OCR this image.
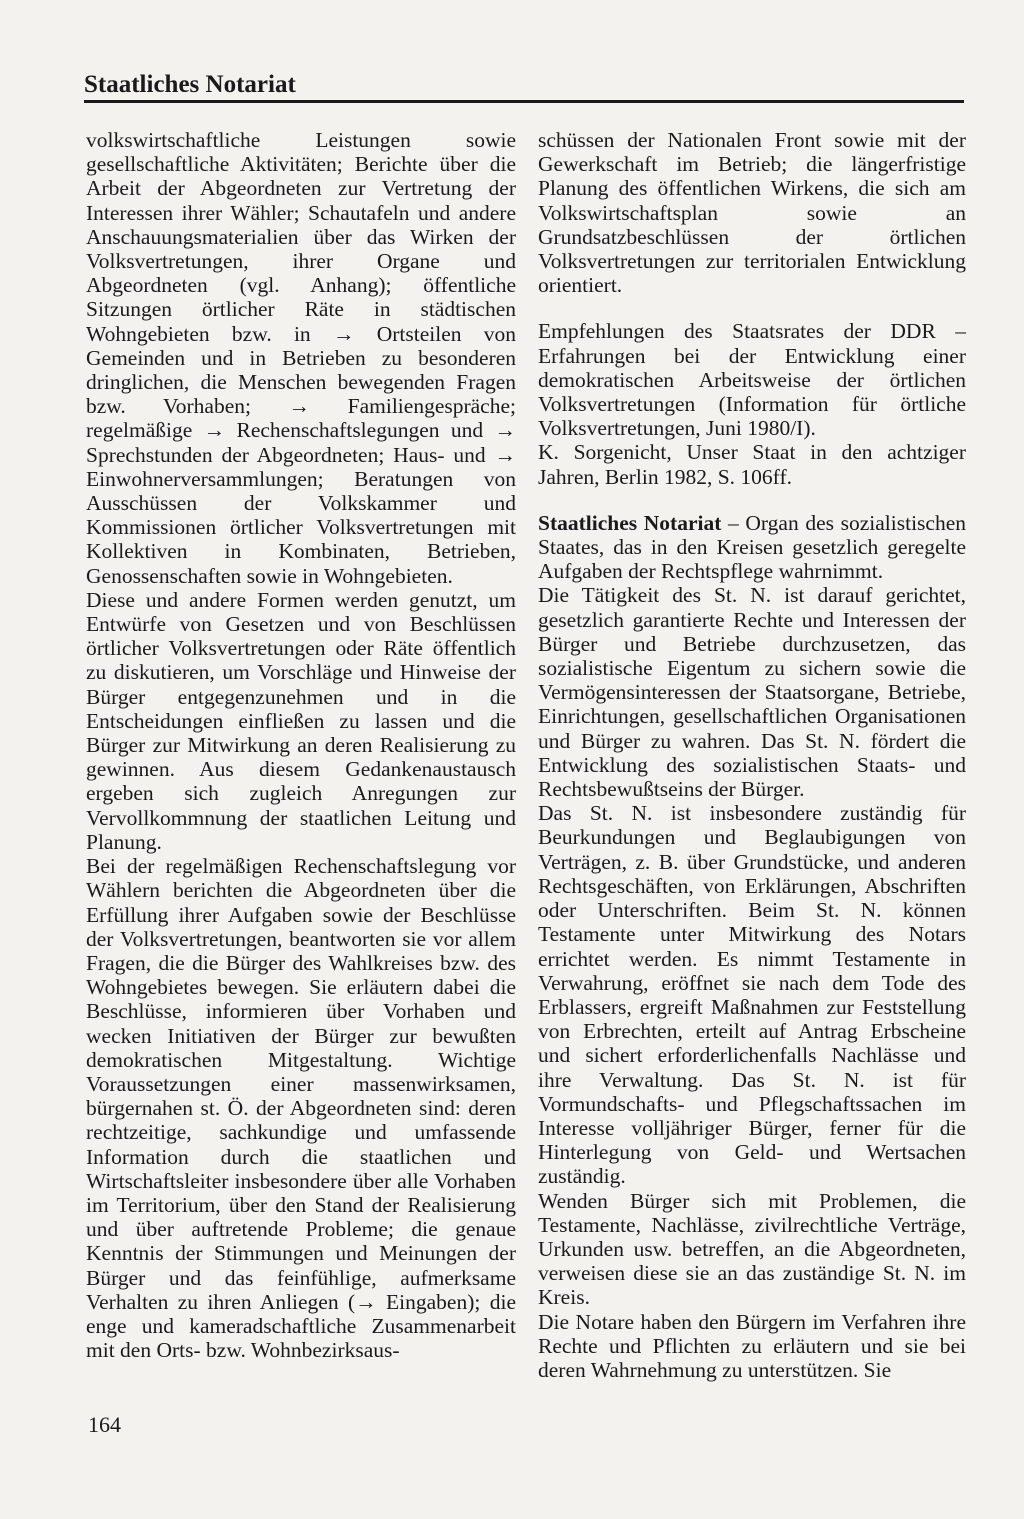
Staatliches Notariat

volkswirtschaftliche Leistungen sowie gesellschaftliche Aktivitäten; Berichte über die Arbeit der Abgeordneten zur Vertretung der Interessen ihrer Wähler; Schautafeln und andere Anschauungsmaterialien über das Wirken der Volksvertretungen, ihrer Organe und Abgeordneten (vgl. Anhang); öffentliche Sitzungen örtlicher Räte in städtischen Wohngebieten bzw. in → Ortsteilen von Gemeinden und in Betrieben zu besonderen dringlichen, die Menschen bewegenden Fragen bzw. Vorhaben; → Familiengespräche; regelmäßige → Rechenschaftslegungen und → Sprechstunden der Abgeordneten; Haus- und → Einwohnerversammlungen; Beratungen von Ausschüssen der Volkskammer und Kommissionen örtlicher Volksvertretungen mit Kollektiven in Kombinaten, Betrieben, Genossenschaften sowie in Wohngebieten.

Diese und andere Formen werden genutzt, um Entwürfe von Gesetzen und von Beschlüssen örtlicher Volksvertretungen oder Räte öffentlich zu diskutieren, um Vorschläge und Hinweise der Bürger entgegenzunehmen und in die Entscheidungen einfließen zu lassen und die Bürger zur Mitwirkung an deren Realisierung zu gewinnen. Aus diesem Gedankenaustausch ergeben sich zugleich Anregungen zur Vervollkommnung der staatlichen Leitung und Planung.

Bei der regelmäßigen Rechenschaftslegung vor Wählern berichten die Abgeordneten über die Erfüllung ihrer Aufgaben sowie der Beschlüsse der Volksvertretungen, beantworten sie vor allem Fragen, die die Bürger des Wahlkreises bzw. des Wohngebietes bewegen. Sie erläutern dabei die Beschlüsse, informieren über Vorhaben und wecken Initiativen der Bürger zur bewußten demokratischen Mitgestaltung. Wichtige Voraussetzungen einer massenwirksamen, bürgernahen st. Ö. der Abgeordneten sind: deren rechtzeitige, sachkundige und umfassende Information durch die staatlichen und Wirtschaftsleiter insbesondere über alle Vorhaben im Territorium, über den Stand der Realisierung und über auftretende Probleme; die genaue Kenntnis der Stimmungen und Meinungen der Bürger und das feinfühlige, aufmerksame Verhalten zu ihren Anliegen (→ Eingaben); die enge und kameradschaftliche Zusammenarbeit mit den Orts- bzw. Wohnbezirksaus-

schüssen der Nationalen Front sowie mit der Gewerkschaft im Betrieb; die längerfristige Planung des öffentlichen Wirkens, die sich am Volkswirtschaftsplan sowie an Grundsatzbeschlüssen der örtlichen Volksvertretungen zur territorialen Entwicklung orientiert.

Empfehlungen des Staatsrates der DDR – Erfahrungen bei der Entwicklung einer demokratischen Arbeitsweise der örtlichen Volksvertretungen (Information für örtliche Volksvertretungen, Juni 1980/I).

K. Sorgenicht, Unser Staat in den achtziger Jahren, Berlin 1982, S. 106ff.

Staatliches Notariat – Organ des sozialistischen Staates, das in den Kreisen gesetzlich geregelte Aufgaben der Rechtspflege wahrnimmt.

Die Tätigkeit des St. N. ist darauf gerichtet, gesetzlich garantierte Rechte und Interessen der Bürger und Betriebe durchzusetzen, das sozialistische Eigentum zu sichern sowie die Vermögensinteressen der Staatsorgane, Betriebe, Einrichtungen, gesellschaftlichen Organisationen und Bürger zu wahren. Das St. N. fördert die Entwicklung des sozialistischen Staats- und Rechtsbewußtseins der Bürger.

Das St. N. ist insbesondere zuständig für Beurkundungen und Beglaubigungen von Verträgen, z. B. über Grundstücke, und anderen Rechtsgeschäften, von Erklärungen, Abschriften oder Unterschriften. Beim St. N. können Testamente unter Mitwirkung des Notars errichtet werden. Es nimmt Testamente in Verwahrung, eröffnet sie nach dem Tode des Erblassers, ergreift Maßnahmen zur Feststellung von Erbrechten, erteilt auf Antrag Erbscheine und sichert erforderlichenfalls Nachlässe und ihre Verwaltung. Das St. N. ist für Vormundschafts- und Pflegschaftssachen im Interesse volljähriger Bürger, ferner für die Hinterlegung von Geld- und Wertsachen zuständig.

Wenden Bürger sich mit Problemen, die Testamente, Nachlässe, zivilrechtliche Verträge, Urkunden usw. betreffen, an die Abgeordneten, verweisen diese sie an das zuständige St. N. im Kreis.

Die Notare haben den Bürgern im Verfahren ihre Rechte und Pflichten zu erläutern und sie bei deren Wahrnehmung zu unterstützen. Sie

164
